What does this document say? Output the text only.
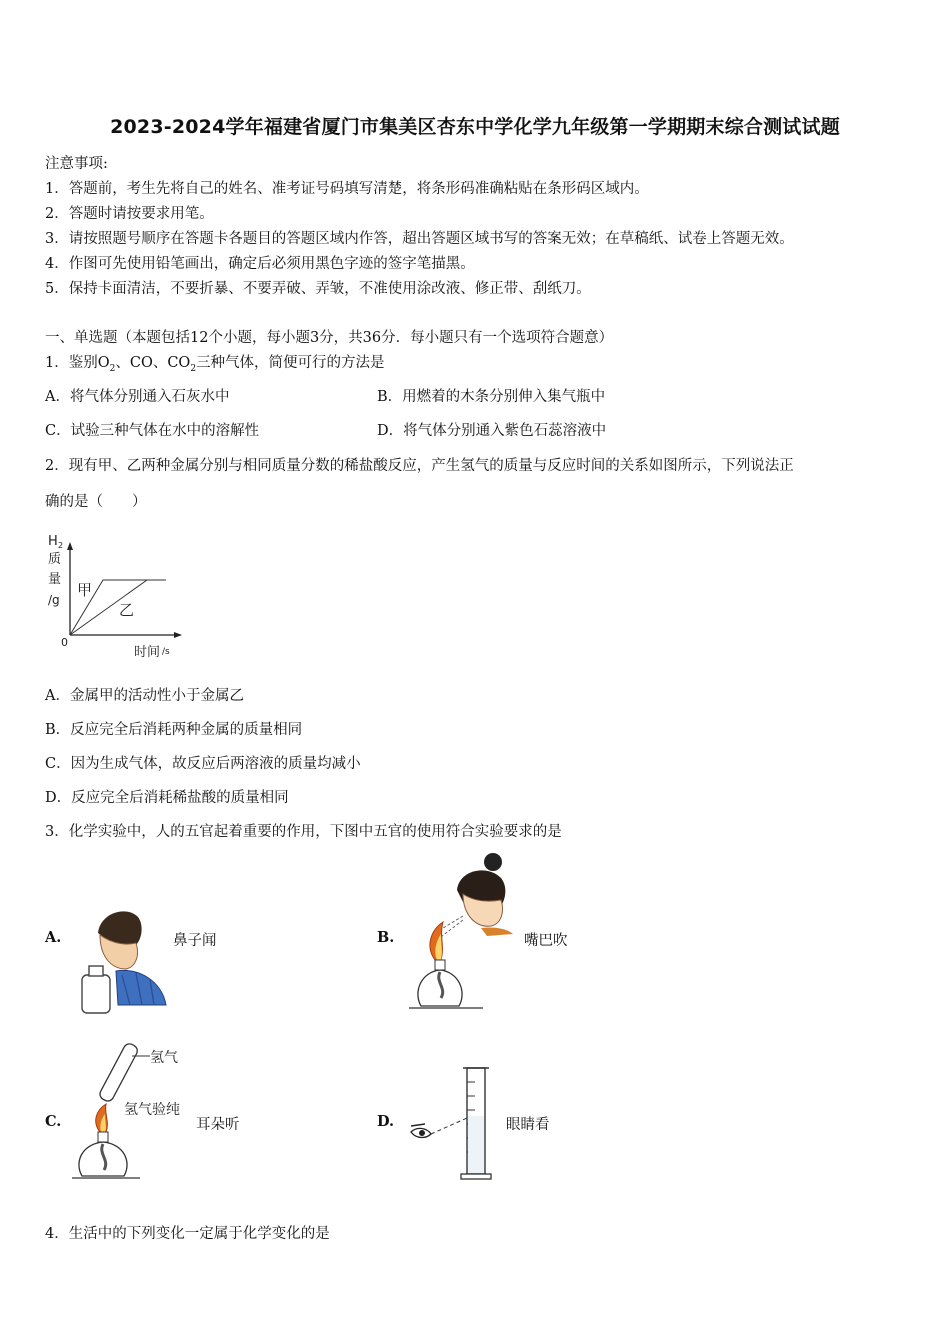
2023-2024学年福建省厦门市集美区杏东中学化学九年级第一学期期末综合测试试题
注意事项:
1．答题前，考生先将自己的姓名、准考证号码填写清楚，将条形码准确粘贴在条形码区域内。
2．答题时请按要求用笔。
3．请按照题号顺序在答题卡各题目的答题区域内作答，超出答题区域书写的答案无效；在草稿纸、试卷上答题无效。
4．作图可先使用铅笔画出，确定后必须用黑色字迹的签字笔描黑。
5．保持卡面清洁，不要折暴、不要弄破、弄皱，不准使用涂改液、修正带、刮纸刀。
一、单选题（本题包括12个小题，每小题3分，共36分．每小题只有一个选项符合题意）
1．鉴别$O_2$、CO、$CO_2$三种气体，简便可行的方法是
A．将气体分别通入石灰水中	B．用燃着的木条分别伸入集气瓶中
C．试验三种气体在水中的溶解性	D．将气体分别通入紫色石蕊溶液中
2．现有甲、乙两种金属分别与相同质量分数的稀盐酸反应，产生氢气的质量与反应时间的关系如图所示，下列说法正
确的是（　　）
H 2
质
量
/g
0
甲
乙
时间 /s
A．金属甲的活动性小于金属乙
B．反应完全后消耗两种金属的质量相同
C．因为生成气体，故反应后两溶液的质量均减小
D．反应完全后消耗稀盐酸的质量相同
3．化学实验中，人的五官起着重要的作用，下图中五官的使用符合实验要求的是
A.	鼻子闻	B.	嘴巴吹
C.
氢气
氢气验纯
耳朵听	D.	眼睛看
4．生活中的下列变化一定属于化学变化的是
